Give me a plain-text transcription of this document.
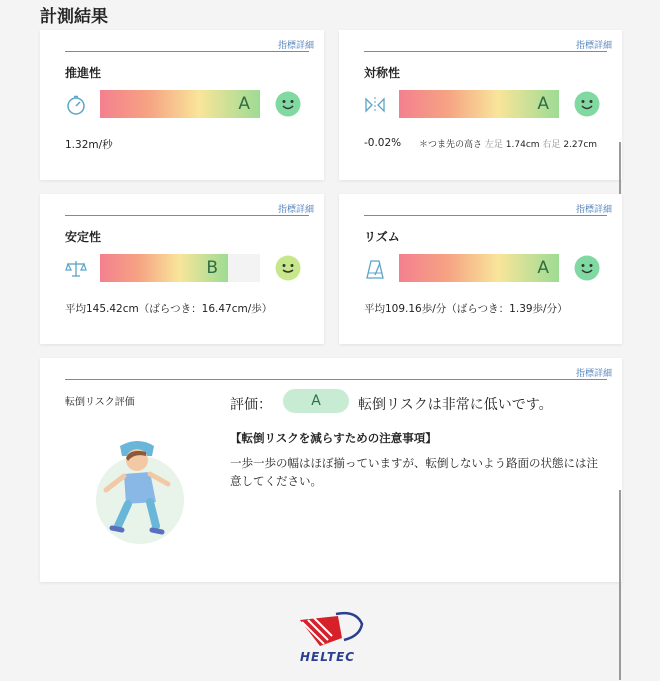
計測結果
指標詳細
推進性
A
1.32m/秒
指標詳細
対称性
A
-0.02% ＊つま先の高さ 左足 1.74cm 右足 2.27cm
指標詳細
安定性
B
平均145.42cm（ばらつき：16.47cm/歩）
指標詳細
リズム
A
平均109.16歩/分（ばらつき：1.39歩/分）
指標詳細
転倒リスク評価	評価：	A	転倒リスクは非常に低いです。
【転倒リスクを減らすための注意事項】
一歩一歩の幅はほぼ揃っていますが、転倒しないよう路面の状態には注意してください。
HELTEC
